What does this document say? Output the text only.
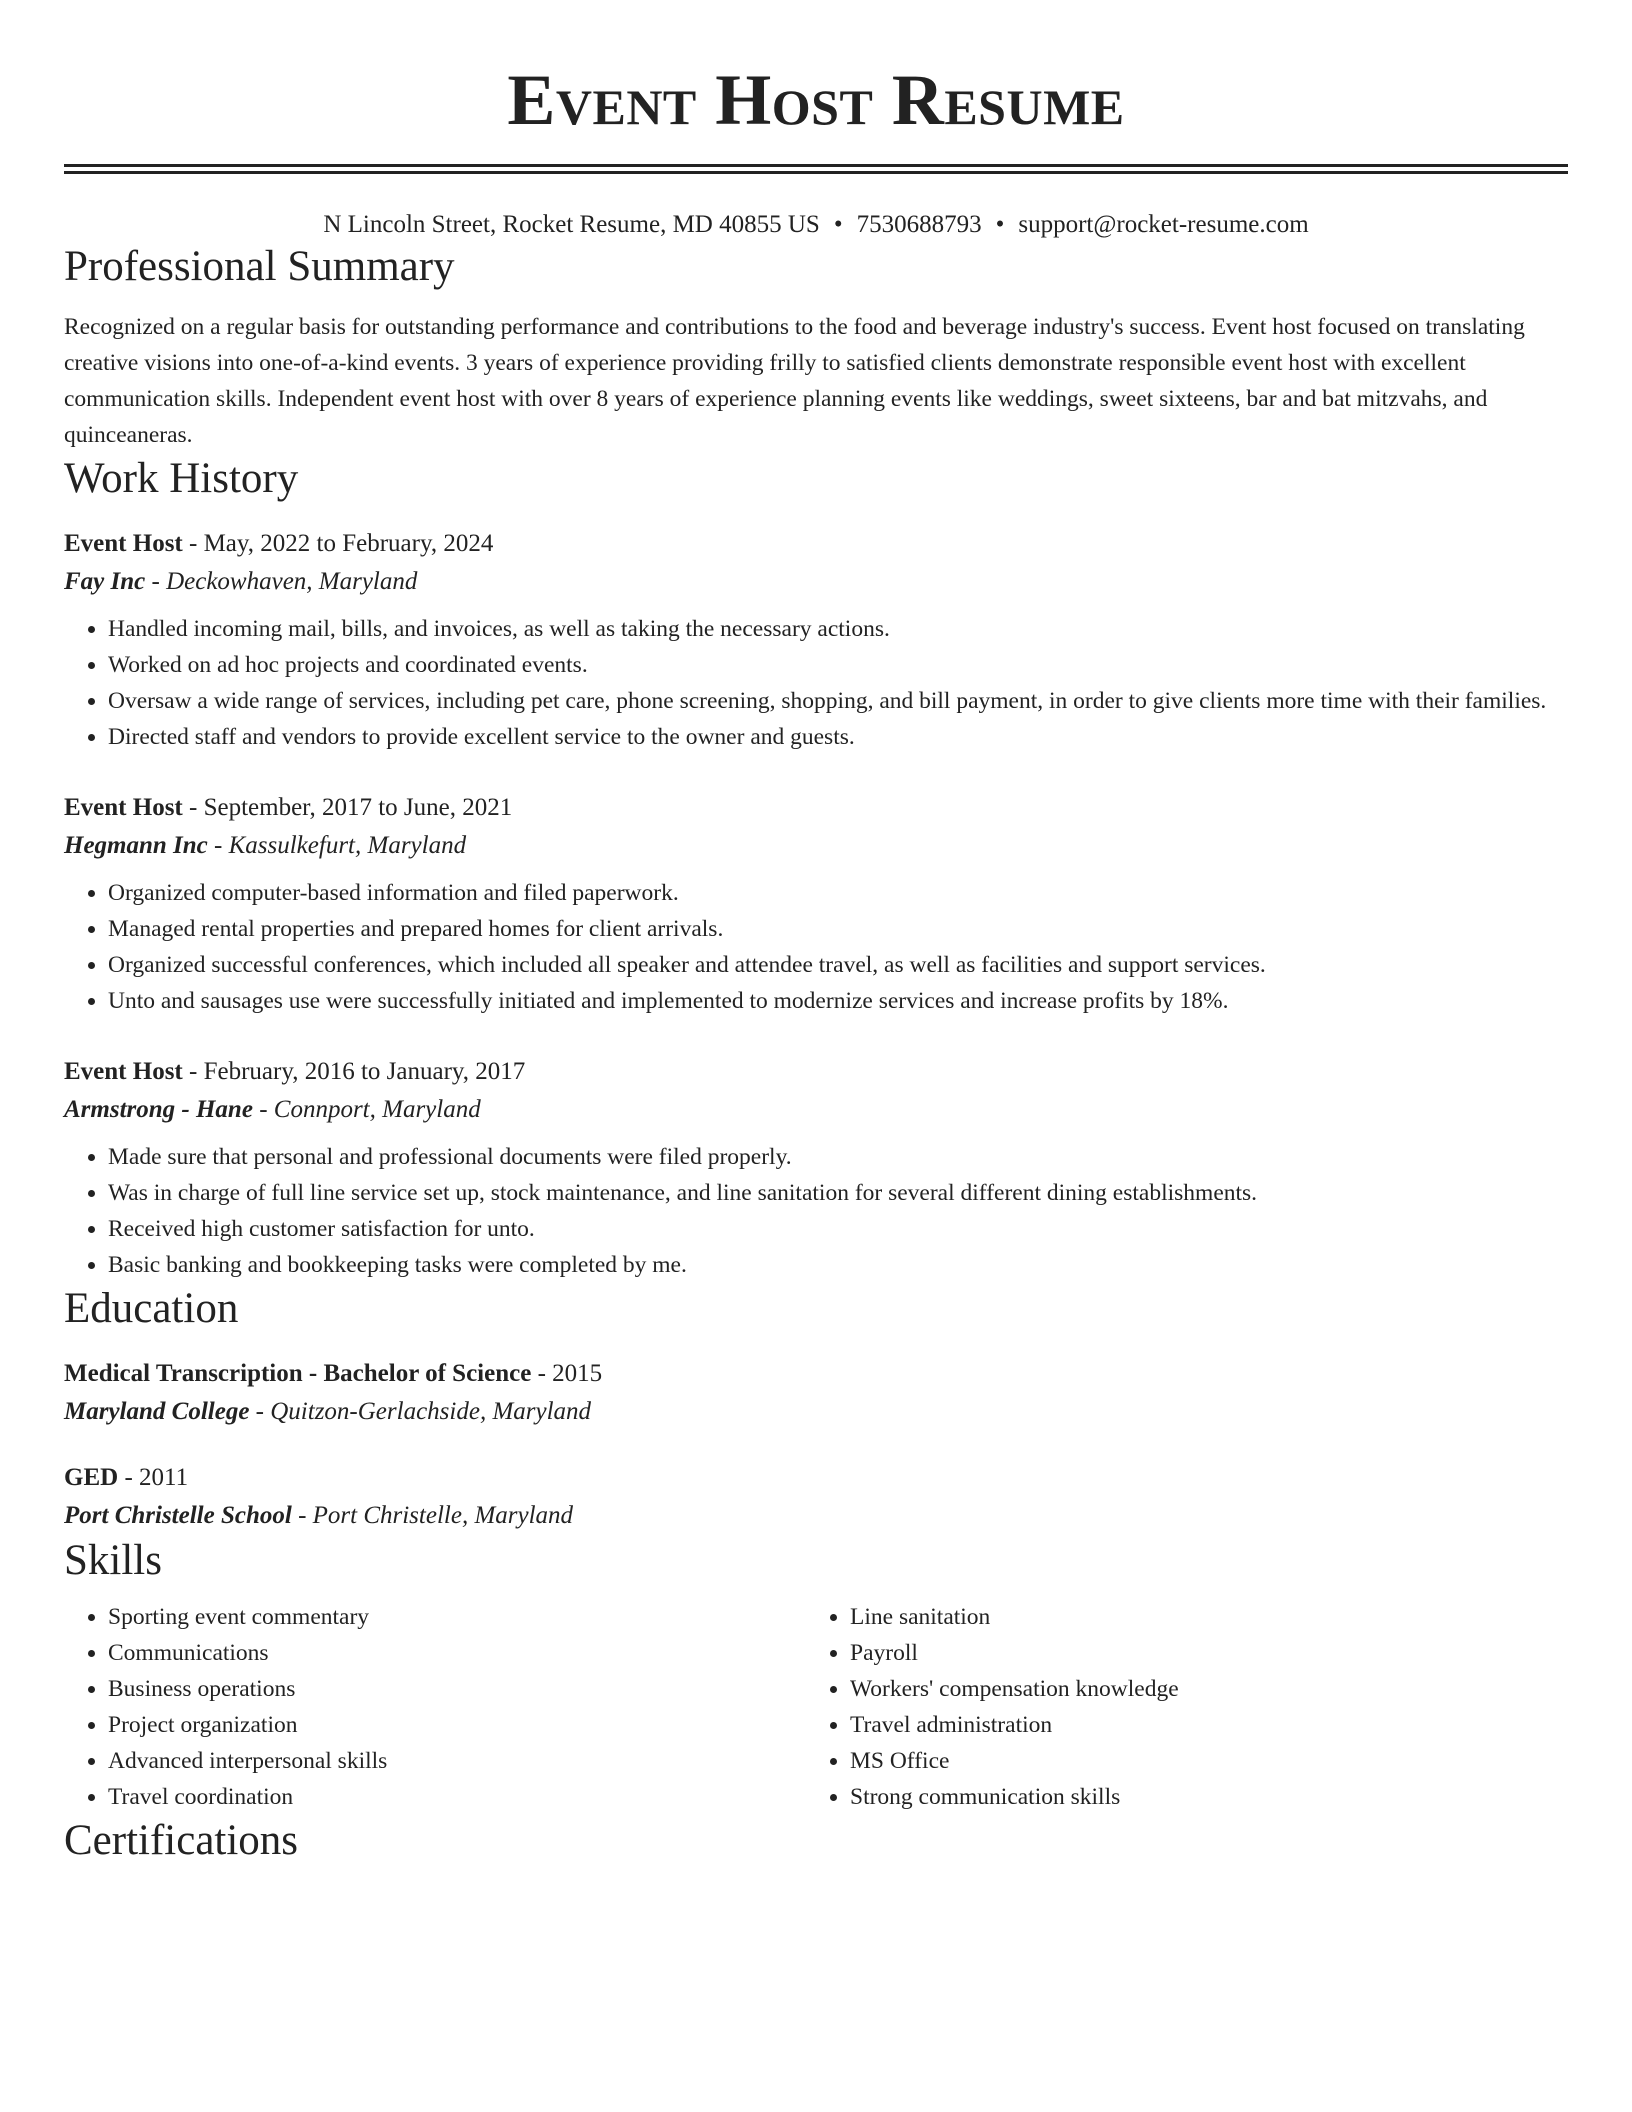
Event Host Resume
N Lincoln Street, Rocket Resume, MD 40855 US • 7530688793 • support@rocket-resume.com
Professional Summary

Recognized on a regular basis for outstanding performance and contributions to the food and beverage industry's success. Event host focused on translating creative visions into one-of-a-kind events. 3 years of experience providing frilly to satisfied clients demonstrate responsible event host with excellent communication skills. Independent event host with over 8 years of experience planning events like weddings, sweet sixteens, bar and bat mitzvahs, and quinceaneras.

Work History
Event Host - May, 2022 to February, 2024
Fay Inc - Deckowhaven, Maryland
• Handled incoming mail, bills, and invoices, as well as taking the necessary actions.
• Worked on ad hoc projects and coordinated events.
• Oversaw a wide range of services, including pet care, phone screening, shopping, and bill payment, in order to give clients more time with their families.
• Directed staff and vendors to provide excellent service to the owner and guests.
Event Host - September, 2017 to June, 2021
Hegmann Inc - Kassulkefurt, Maryland
• Organized computer-based information and filed paperwork.
• Managed rental properties and prepared homes for client arrivals.
• Organized successful conferences, which included all speaker and attendee travel, as well as facilities and support services.
• Unto and sausages use were successfully initiated and implemented to modernize services and increase profits by 18%.
Event Host - February, 2016 to January, 2017
Armstrong - Hane - Connport, Maryland
• Made sure that personal and professional documents were filed properly.
• Was in charge of full line service set up, stock maintenance, and line sanitation for several different dining establishments.
• Received high customer satisfaction for unto.
• Basic banking and bookkeeping tasks were completed by me.
Education
Medical Transcription - Bachelor of Science - 2015
Maryland College - Quitzon-Gerlachside, Maryland
GED - 2011
Port Christelle School - Port Christelle, Maryland
Skills
• Sporting event commentary
• Communications
• Business operations
• Project organization
• Advanced interpersonal skills
• Travel coordination
• Line sanitation
• Payroll
• Workers' compensation knowledge
• Travel administration
• MS Office
• Strong communication skills
Certifications
